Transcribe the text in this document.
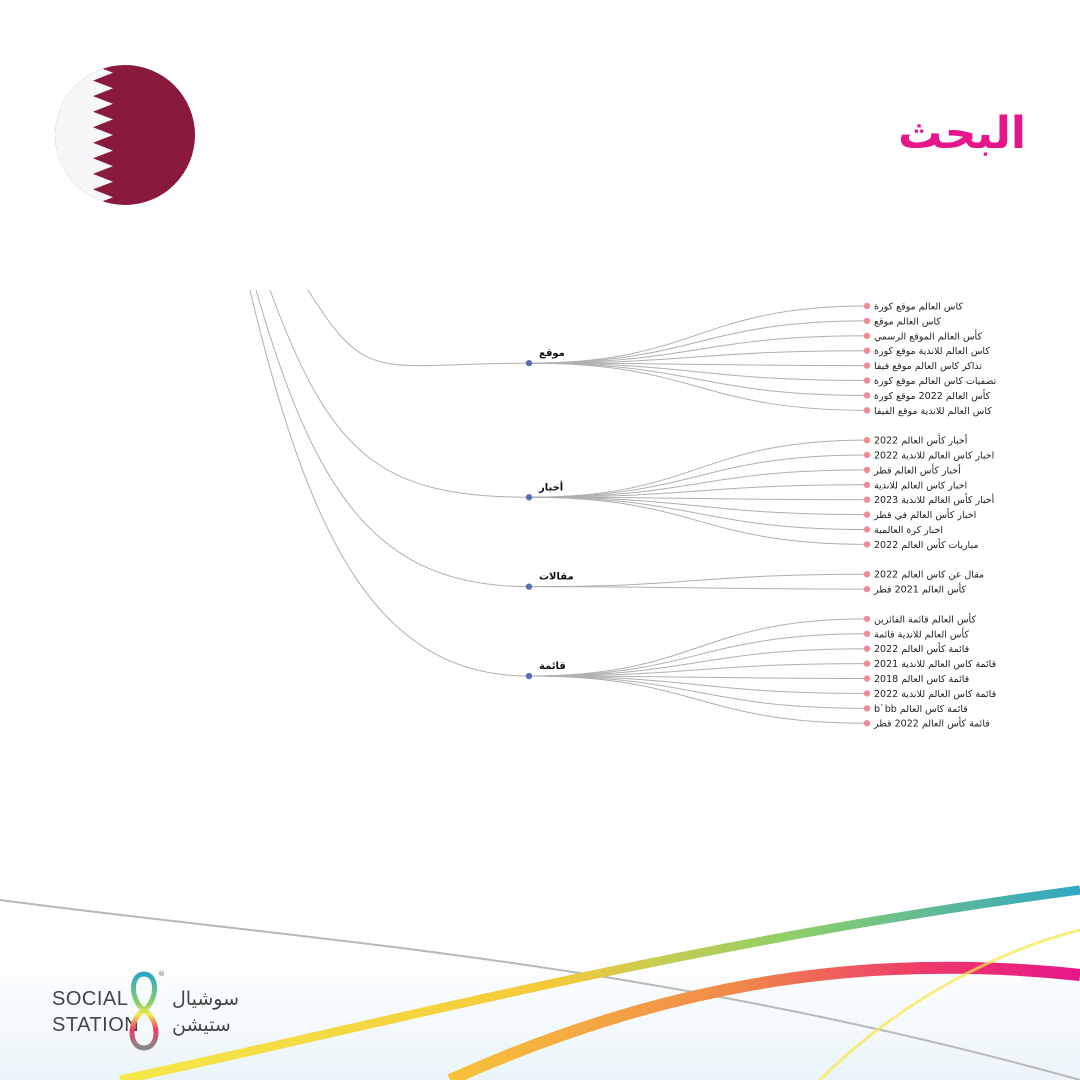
البحث
كاس العالم موقع كورة
كاس العالم موقع
كأس العالم الموقع الرسمي
كاس العالم للاندية موقع كورة
تذاكر كاس العالم موقع فيفا
تصفيات كاس العالم موقع كورة
كأس العالم 2022 موقع كورة
كاس العالم للاندية موقع الفيفا
موقع
أخبار كأس العالم 2022
اخبار كاس العالم للاندية 2022
أخبار كأس العالم قطر
اخبار كاس العالم للاندية
أخبار كأس العالم للاندية 2023
اخبار كأس العالم في قطر
اخبار كرة العالمية
مباريات كأس العالم 2022
أخبار
مقال عن كاس العالم 2022
كأس العالم 2021 قطر
مقالات
كأس العالم قائمة الفائزين
كأس العالم للاندية قائمة
قائمة كأس العالم 2022
قائمة كاس العالم للاندية 2021
قائمة كاس العالم 2018
قائمة كاس العالم للاندية 2022
b`bb قائمة كاس العالم
قائمة كأس العالم 2022 قطر
قائمة
SOCIAL
STATION
®
سوشيال
ستيشن
